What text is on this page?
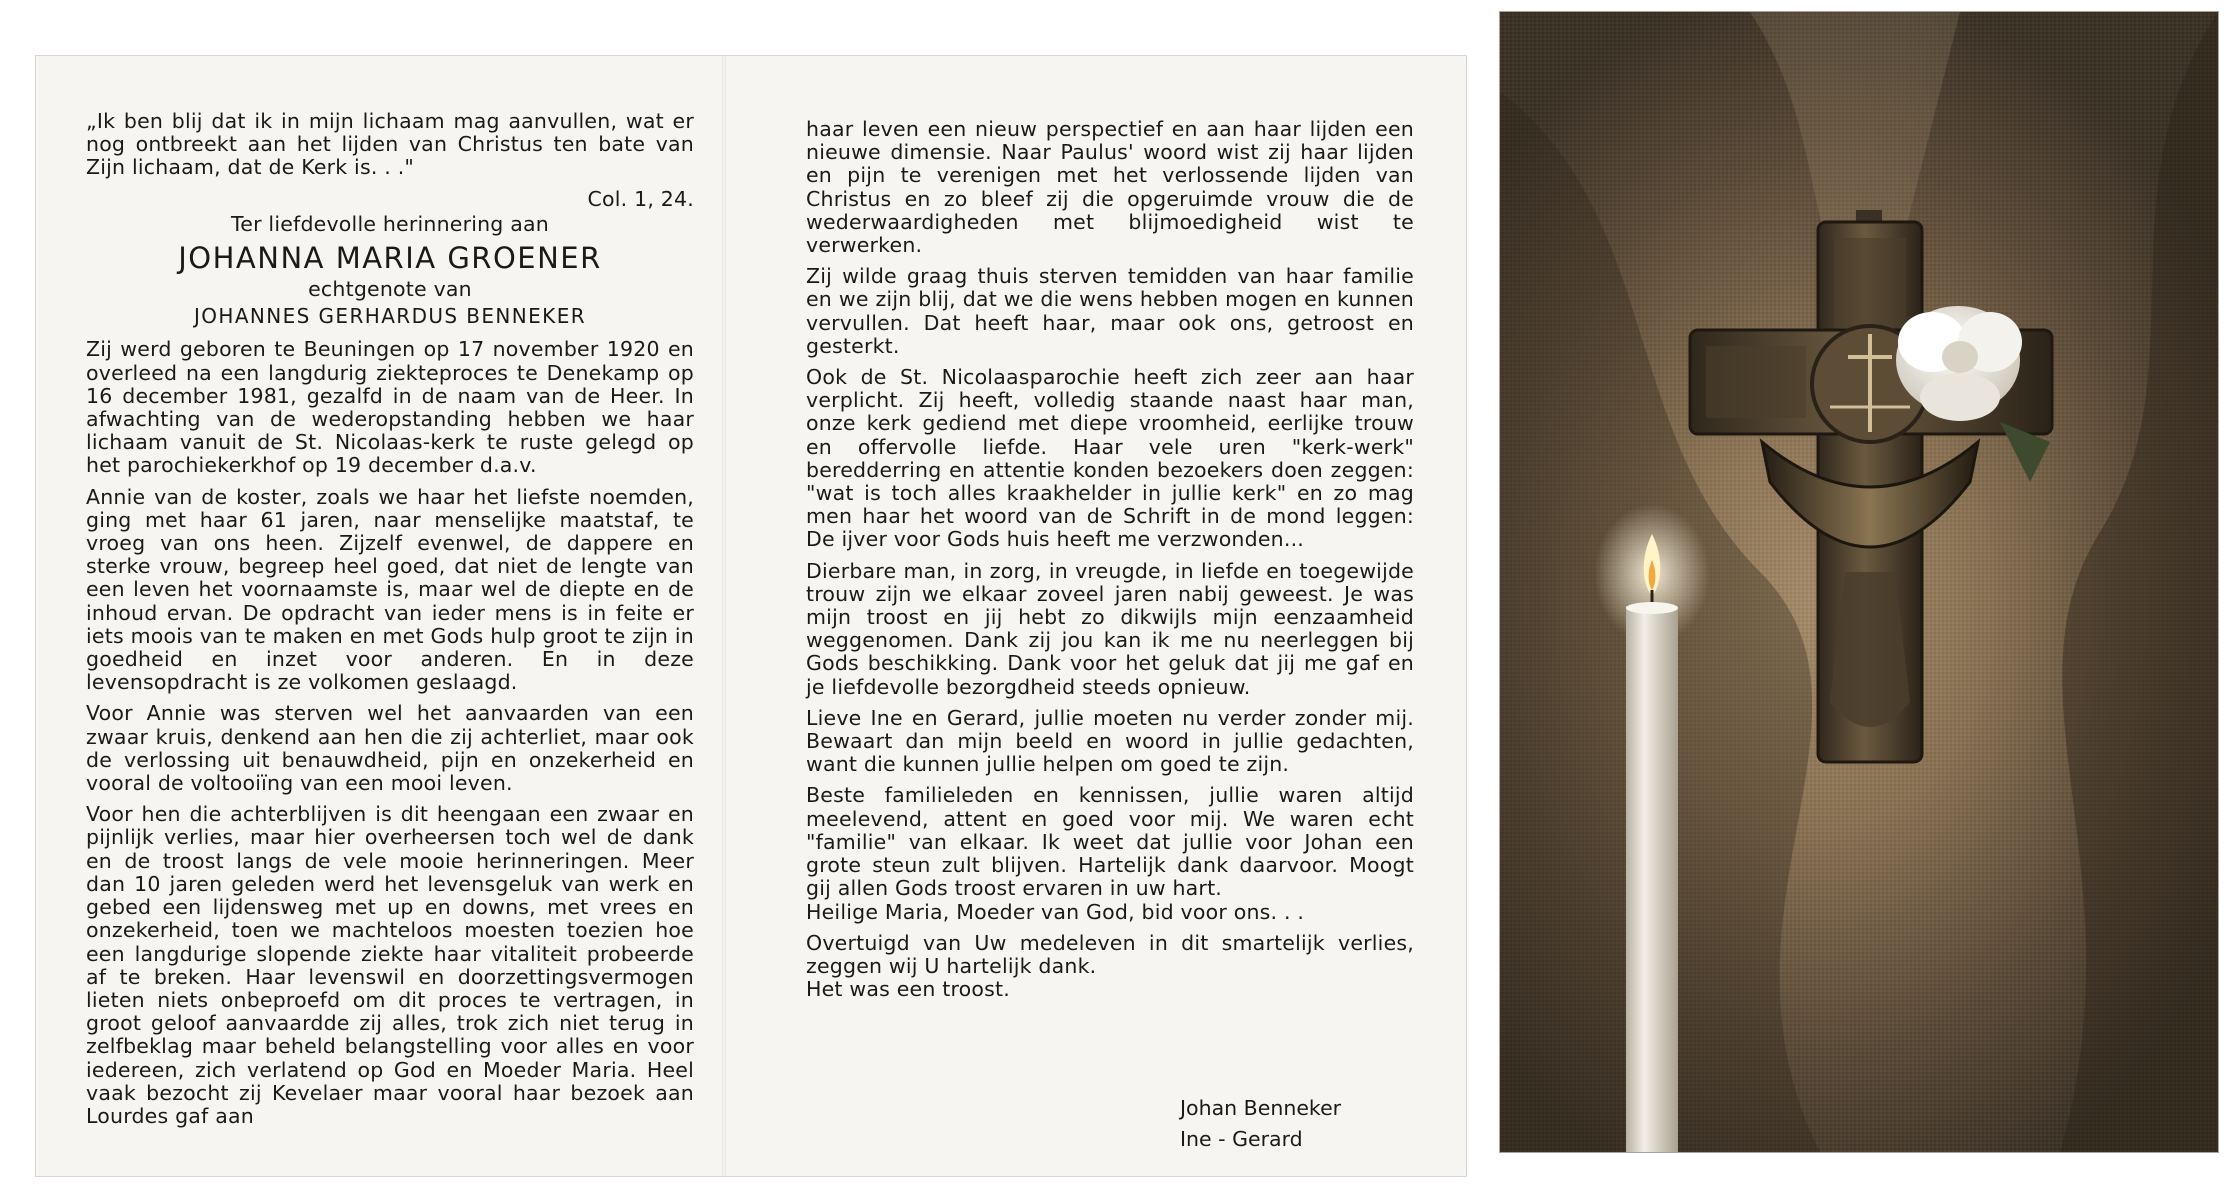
„Ik ben blij dat ik in mijn lichaam mag aanvullen, wat er nog ontbreekt aan het lijden van Christus ten bate van Zijn lichaam, dat de Kerk is. . ."

Col. 1, 24.
Ter liefdevolle herinnering aan
JOHANNA MARIA GROENER
echtgenote van
JOHANNES GERHARDUS BENNEKER

Zij werd geboren te Beuningen op 17 november 1920 en overleed na een langdurig ziekteproces te Denekamp op 16 december 1981, gezalfd in de naam van de Heer. In afwachting van de wederopstanding hebben we haar lichaam vanuit de St. Nicolaas-kerk te ruste gelegd op het parochiekerkhof op 19 december d.a.v.

Annie van de koster, zoals we haar het liefste noemden, ging met haar 61 jaren, naar menselijke maatstaf, te vroeg van ons heen. Zijzelf evenwel, de dappere en sterke vrouw, begreep heel goed, dat niet de lengte van een leven het voornaamste is, maar wel de diepte en de inhoud ervan. De opdracht van ieder mens is in feite er iets moois van te maken en met Gods hulp groot te zijn in goedheid en inzet voor anderen. En in deze levensopdracht is ze volkomen geslaagd.

Voor Annie was sterven wel het aanvaarden van een zwaar kruis, denkend aan hen die zij achterliet, maar ook de verlossing uit benauwdheid, pijn en onzekerheid en vooral de voltooiïng van een mooi leven.

Voor hen die achterblijven is dit heengaan een zwaar en pijnlijk verlies, maar hier overheersen toch wel de dank en de troost langs de vele mooie herinneringen. Meer dan 10 jaren geleden werd het levensgeluk van werk en gebed een lijdensweg met up en downs, met vrees en onzekerheid, toen we machteloos moesten toezien hoe een langdurige slopende ziekte haar vitaliteit probeerde af te breken. Haar levenswil en doorzettingsvermogen lieten niets onbeproefd om dit proces te vertragen, in groot geloof aanvaardde zij alles, trok zich niet terug in zelfbeklag maar beheld belangstelling voor alles en voor iedereen, zich verlatend op God en Moeder Maria. Heel vaak bezocht zij Kevelaer maar vooral haar bezoek aan Lourdes gaf aan

haar leven een nieuw perspectief en aan haar lijden een nieuwe dimensie. Naar Paulus' woord wist zij haar lijden en pijn te verenigen met het verlossende lijden van Christus en zo bleef zij die opgeruimde vrouw die de wederwaardigheden met blijmoedigheid wist te verwerken.

Zij wilde graag thuis sterven temidden van haar familie en we zijn blij, dat we die wens hebben mogen en kunnen vervullen. Dat heeft haar, maar ook ons, getroost en gesterkt.

Ook de St. Nicolaasparochie heeft zich zeer aan haar verplicht. Zij heeft, volledig staande naast haar man, onze kerk gediend met diepe vroomheid, eerlijke trouw en offervolle liefde. Haar vele uren "kerk-werk" beredderring en attentie konden bezoekers doen zeggen: "wat is toch alles kraakhelder in jullie kerk" en zo mag men haar het woord van de Schrift in de mond leggen: De ijver voor Gods huis heeft me verzwonden...

Dierbare man, in zorg, in vreugde, in liefde en toegewijde trouw zijn we elkaar zoveel jaren nabij geweest. Je was mijn troost en jij hebt zo dikwijls mijn eenzaamheid weggenomen. Dank zij jou kan ik me nu neerleggen bij Gods beschikking. Dank voor het geluk dat jij me gaf en je liefdevolle bezorgdheid steeds opnieuw.

Lieve Ine en Gerard, jullie moeten nu verder zonder mij. Bewaart dan mijn beeld en woord in jullie gedachten, want die kunnen jullie helpen om goed te zijn.

Beste familieleden en kennissen, jullie waren altijd meelevend, attent en goed voor mij. We waren echt "familie" van elkaar. Ik weet dat jullie voor Johan een grote steun zult blijven. Hartelijk dank daarvoor. Moogt gij allen Gods troost ervaren in uw hart.

Heilige Maria, Moeder van God, bid voor ons. . .

Overtuigd van Uw medeleven in dit smartelijk verlies, zeggen wij U hartelijk dank.

Het was een troost.

Johan Benneker
Ine - Gerard
